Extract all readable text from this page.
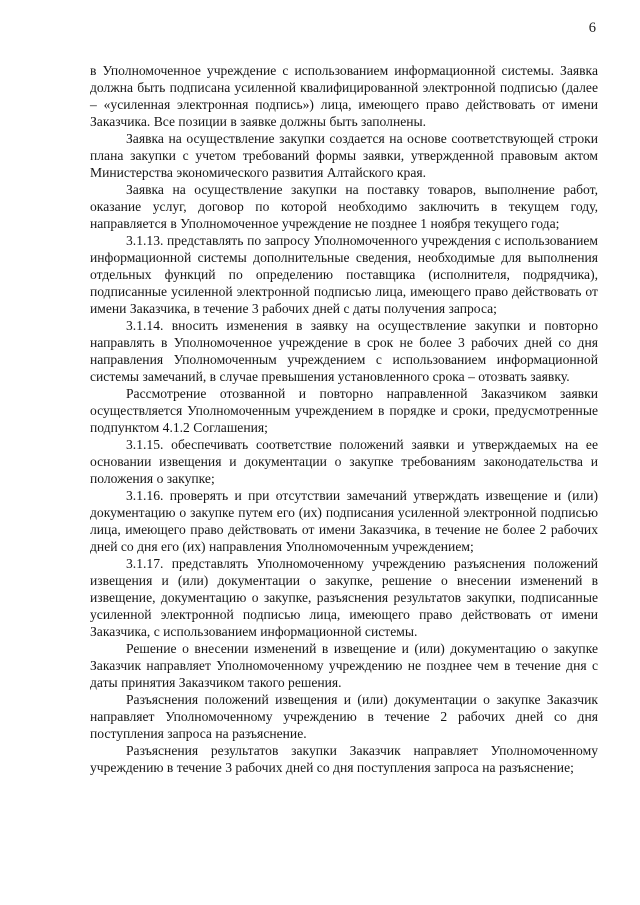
6

в Уполномоченное учреждение с использованием информационной системы. Заявка должна быть подписана усиленной квалифицированной электронной подписью (далее – «усиленная электронная подпись») лица, имеющего право действовать от имени Заказчика. Все позиции в заявке должны быть заполнены.

Заявка на осуществление закупки создается на основе соответствующей строки плана закупки с учетом требований формы заявки, утвержденной правовым актом Министерства экономического развития Алтайского края.

Заявка на осуществление закупки на поставку товаров, выполнение работ, оказание услуг, договор по которой необходимо заключить в текущем году, направляется в Уполномоченное учреждение не позднее 1 ноября текущего года;

3.1.13. представлять по запросу Уполномоченного учреждения с использованием информационной системы дополнительные сведения, необходимые для выполнения отдельных функций по определению поставщика (исполнителя, подрядчика), подписанные усиленной электронной подписью лица, имеющего право действовать от имени Заказчика, в течение 3 рабочих дней с даты получения запроса;

3.1.14. вносить изменения в заявку на осуществление закупки и повторно направлять в Уполномоченное учреждение в срок не более 3 рабочих дней со дня направления Уполномоченным учреждением с использованием информационной системы замечаний, в случае превышения установленного срока – отозвать заявку.

Рассмотрение отозванной и повторно направленной Заказчиком заявки осуществляется Уполномоченным учреждением в порядке и сроки, предусмотренные подпунктом 4.1.2 Соглашения;

3.1.15. обеспечивать соответствие положений заявки и утверждаемых на ее основании извещения и документации о закупке требованиям законодательства и положения о закупке;

3.1.16. проверять и при отсутствии замечаний утверждать извещение и (или) документацию о закупке путем его (их) подписания усиленной электронной подписью лица, имеющего право действовать от имени Заказчика, в течение не более 2 рабочих дней со дня его (их) направления Уполномоченным учреждением;

3.1.17. представлять Уполномоченному учреждению разъяснения положений извещения и (или) документации о закупке, решение о внесении изменений в извещение, документацию о закупке, разъяснения результатов закупки, подписанные усиленной электронной подписью лица, имеющего право действовать от имени Заказчика, с использованием информационной системы.

Решение о внесении изменений в извещение и (или) документацию о закупке Заказчик направляет Уполномоченному учреждению не позднее чем в течение дня с даты принятия Заказчиком такого решения.

Разъяснения положений извещения и (или) документации о закупке Заказчик направляет Уполномоченному учреждению в течение 2 рабочих дней со дня поступления запроса на разъяснение.

Разъяснения результатов закупки Заказчик направляет Уполномоченному учреждению в течение 3 рабочих дней со дня поступления запроса на разъяснение;
